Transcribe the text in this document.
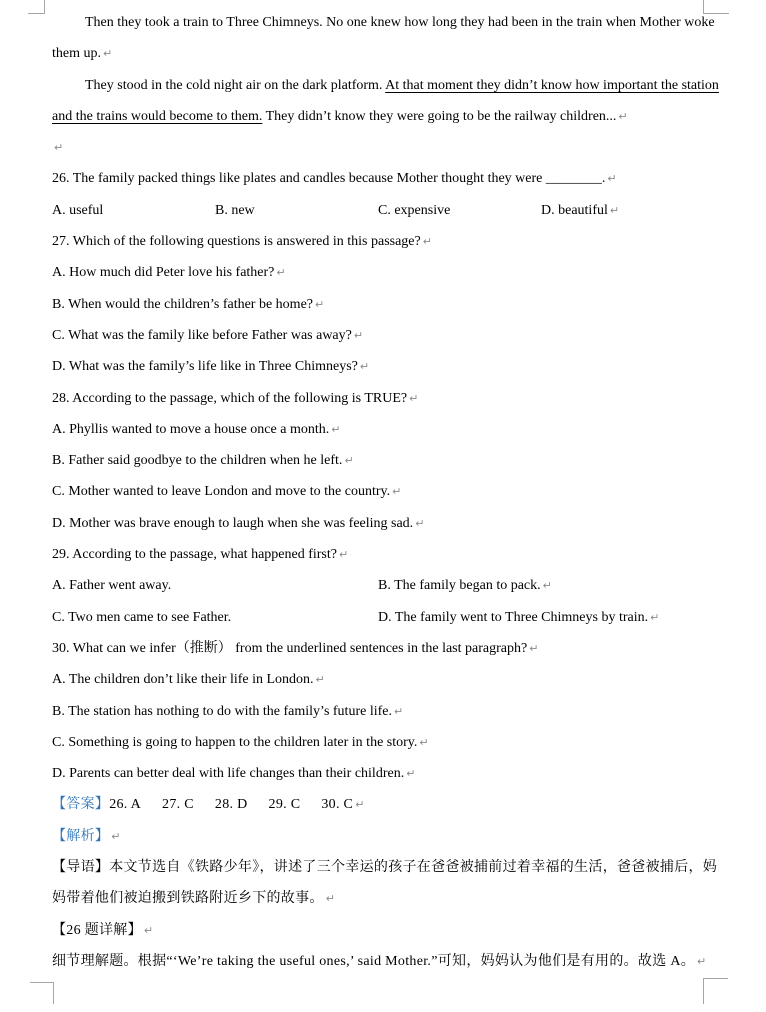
Then they took a train to Three Chimneys. No one knew how long they had been in the train when Mother woke
them up. ↵
They stood in the cold night air on the dark platform. At that moment they didn’t know how important the station
and the trains would become to them. They didn’t know they were going to be the railway children... ↵
↵
26. The family packed things like plates and candles because Mother thought they were ________. ↵
A. useful	B. new	C. expensive	D. beautiful ↵
27. Which of the following questions is answered in this passage? ↵
A. How much did Peter love his father? ↵
B. When would the children’s father be home? ↵
C. What was the family like before Father was away? ↵
D. What was the family’s life like in Three Chimneys? ↵
28. According to the passage, which of the following is TRUE? ↵
A. Phyllis wanted to move a house once a month. ↵
B. Father said goodbye to the children when he left. ↵
C. Mother wanted to leave London and move to the country. ↵
D. Mother was brave enough to laugh when she was feeling sad. ↵
29. According to the passage, what happened first? ↵
A. Father went away.	B. The family began to pack. ↵
C. Two men came to see Father.	D. The family went to Three Chimneys by train. ↵
30. What can we infer（推断） from the underlined sentences in the last paragraph? ↵
A. The children don’t like their life in London. ↵
B. The station has nothing to do with the family’s future life. ↵
C. Something is going to happen to the children later in the story. ↵
D. Parents can better deal with life changes than their children. ↵
【答案】26. A 27. C 28. D 29. C 30. C ↵
【解析】 ↵
【导语】本文节选自《铁路少年》，讲述了三个幸运的孩子在爸爸被捕前过着幸福的生活，爸爸被捕后，妈
妈带着他们被迫搬到铁路附近乡下的故事。 ↵
【26 题详解】 ↵
细节理解题。根据“‘We’re taking the useful ones,’ said Mother.”可知，妈妈认为他们是有用的。故选 A。 ↵
